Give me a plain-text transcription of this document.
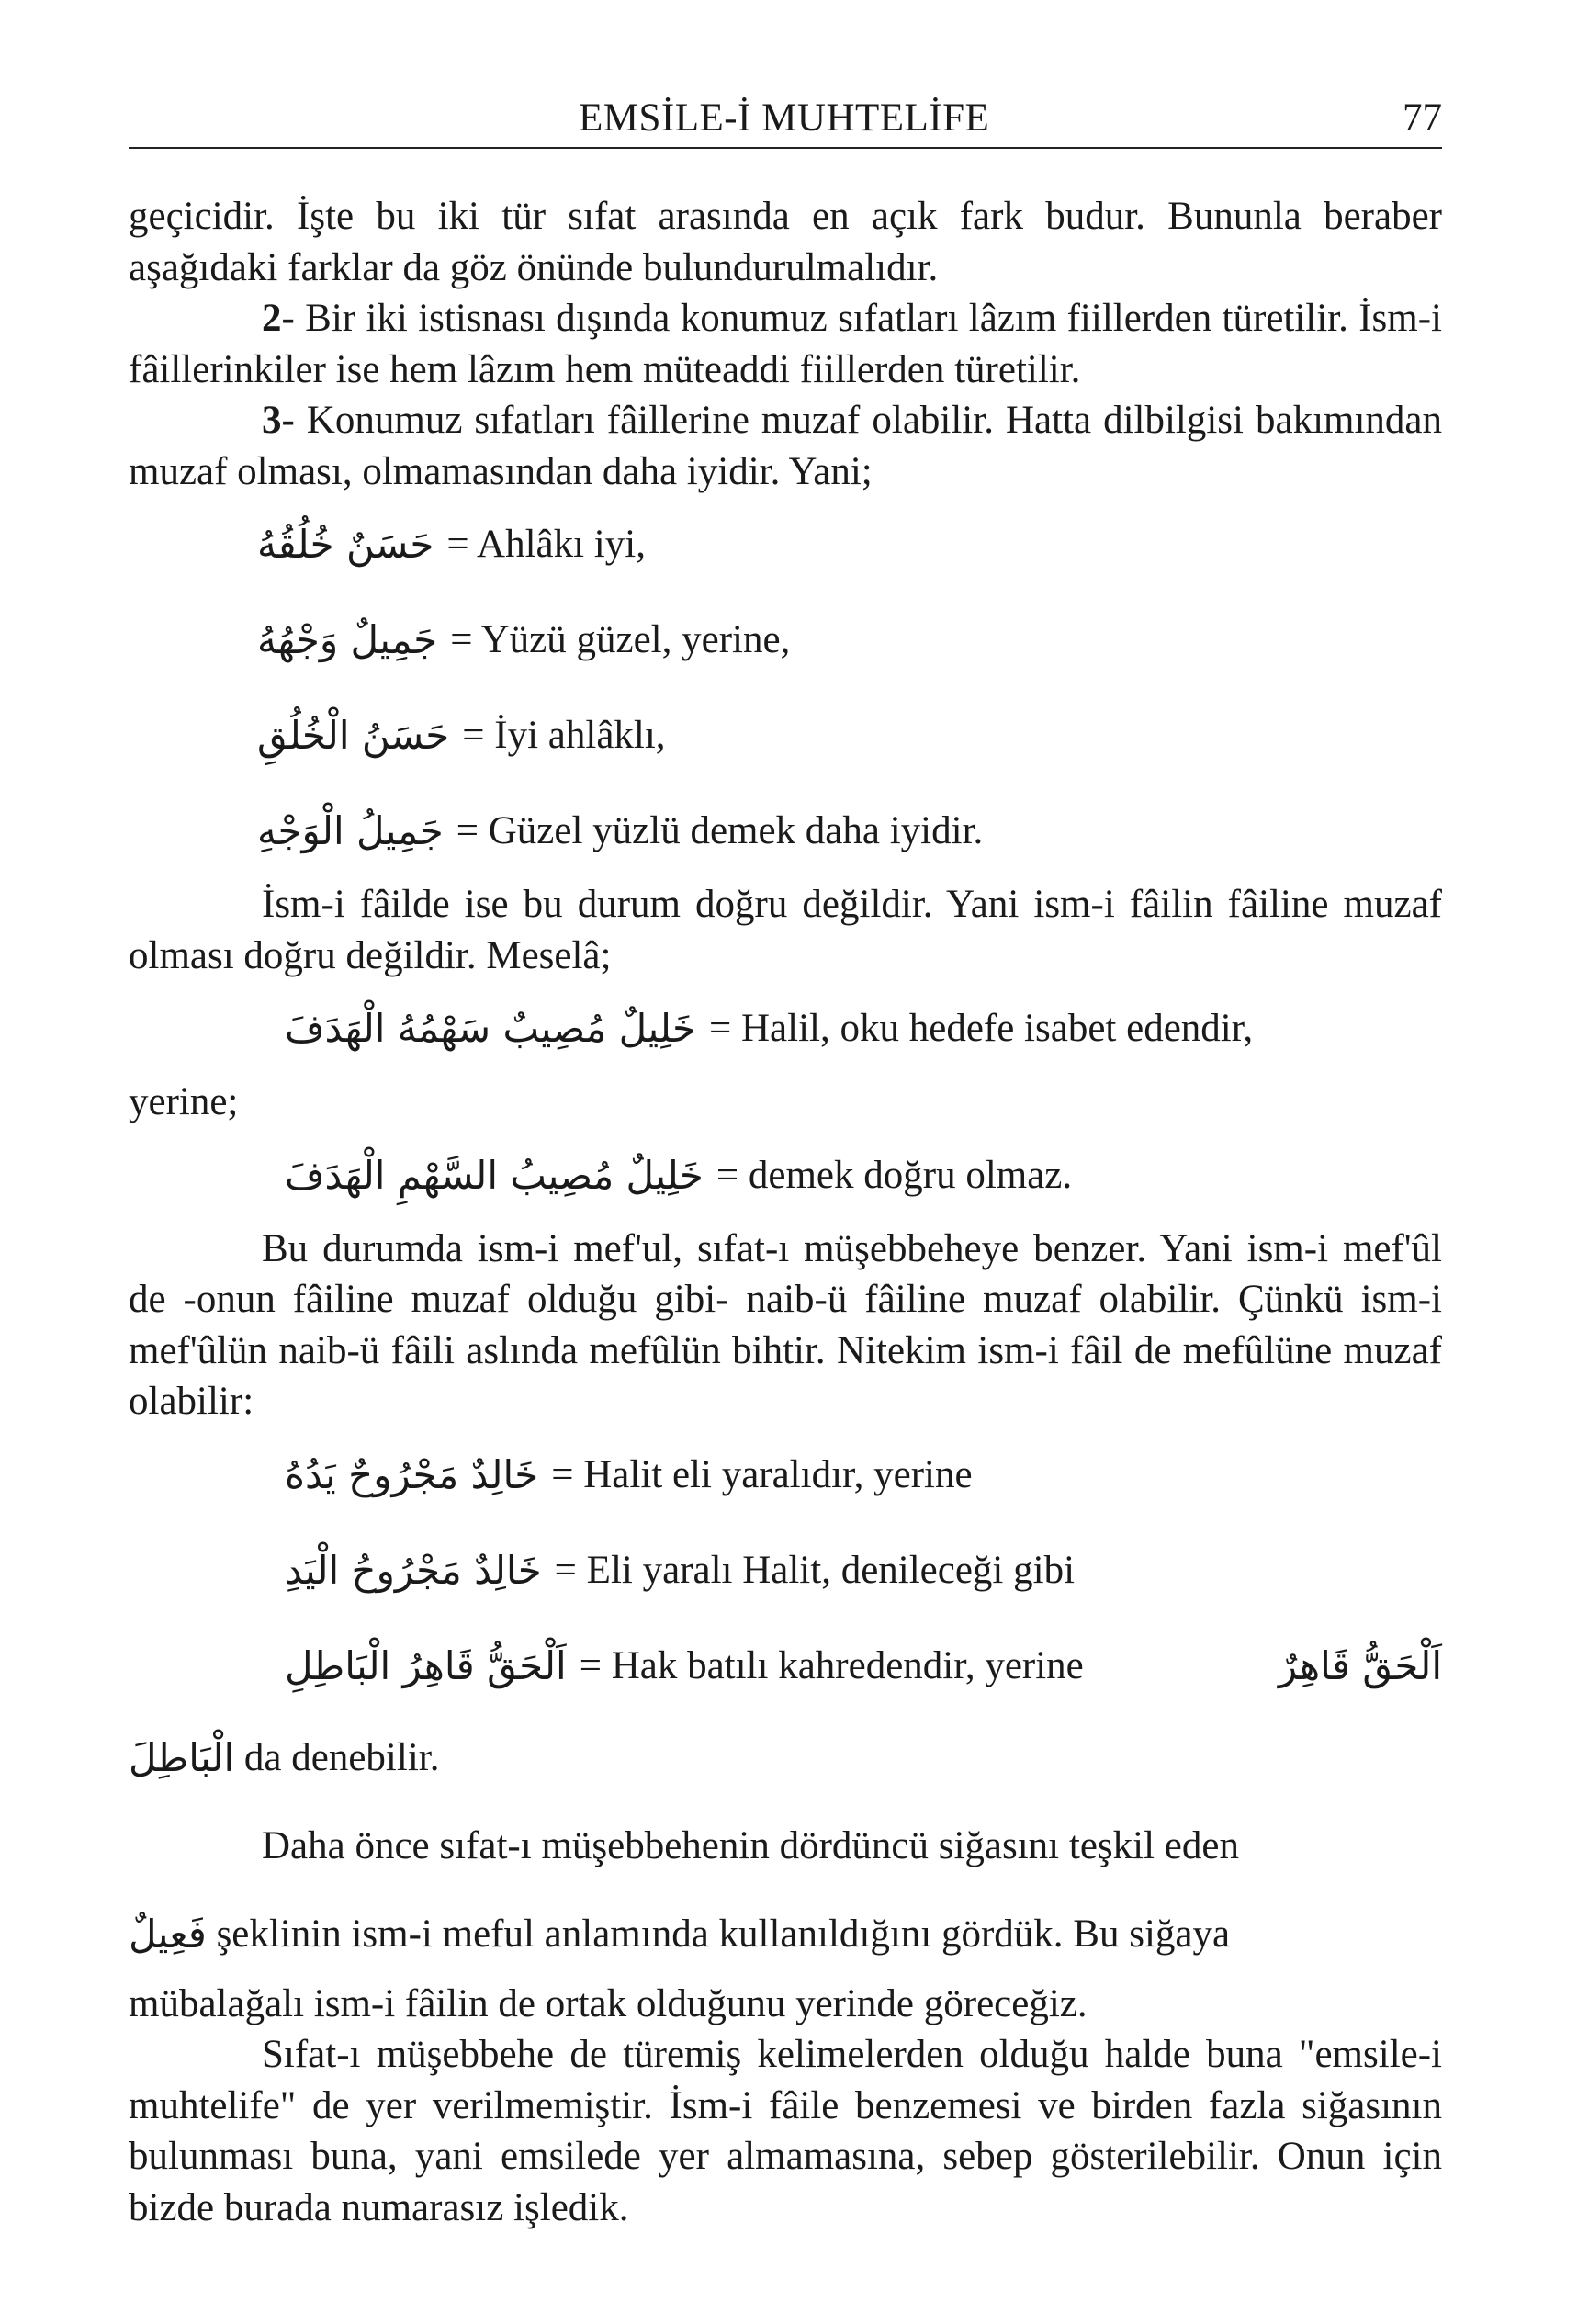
EMSİLE-İ MUHTELİFE	77

geçicidir. İşte bu iki tür sıfat arasında en açık fark budur. Bununla beraber aşağıdaki farklar da göz önünde bulundurulmalıdır.

2- Bir iki istisnası dışında konumuz sıfatları lâzım fiillerden türetilir. İsm-i fâillerinkiler ise hem lâzım hem müteaddi fiillerden türetilir.

3- Konumuz sıfatları fâillerine muzaf olabilir. Hatta dilbilgisi bakımından muzaf olması, olmamasından daha iyidir. Yani;

حَسَنٌ خُلُقُهُ = Ahlâkı iyi,
جَمِيلٌ وَجْهُهُ = Yüzü güzel, yerine,
حَسَنُ الْخُلُقِ = İyi ahlâklı,
جَمِيلُ الْوَجْهِ = Güzel yüzlü demek daha iyidir.

İsm-i fâilde ise bu durum doğru değildir. Yani ism-i fâilin fâiline muzaf olması doğru değildir. Meselâ;

خَلِيلٌ مُصِيبٌ سَهْمُهُ الْهَدَفَ = Halil, oku hedefe isabet edendir,

yerine;

خَلِيلٌ مُصِيبُ السَّهْمِ الْهَدَفَ = demek doğru olmaz.

Bu durumda ism-i mef'ul, sıfat-ı müşebbeheye benzer. Yani ism-i mef'ûl de -onun fâiline muzaf olduğu gibi- naib-ü fâiline muzaf olabilir. Çünkü ism-i mef'ûlün naib-ü fâili aslında mefûlün bihtir. Nitekim ism-i fâil de mefûlüne muzaf olabilir:

خَالِدٌ مَجْرُوحٌ يَدُهُ = Halit eli yaralıdır, yerine
خَالِدٌ مَجْرُوحُ الْيَدِ = Eli yaralı Halit, denileceği gibi
اَلْحَقُّ قَاهِرُ الْبَاطِلِ = Hak batılı kahredendir, yerine	اَلْحَقُّ قَاهِرٌ
الْبَاطِلَ da denebilir.

Daha önce sıfat-ı müşebbehenin dördüncü siğasını teşkil eden

فَعِيلٌ şeklinin ism-i meful anlamında kullanıldığını gördük. Bu siğaya

mübalağalı ism-i fâilin de ortak olduğunu yerinde göreceğiz.

Sıfat-ı müşebbehe de türemiş kelimelerden olduğu halde buna "emsile-i muhtelife" de yer verilmemiştir. İsm-i fâile benzemesi ve birden fazla siğasının bulunması buna, yani emsilede yer almamasına, sebep gösterilebilir. Onun için bizde burada numarasız işledik.
